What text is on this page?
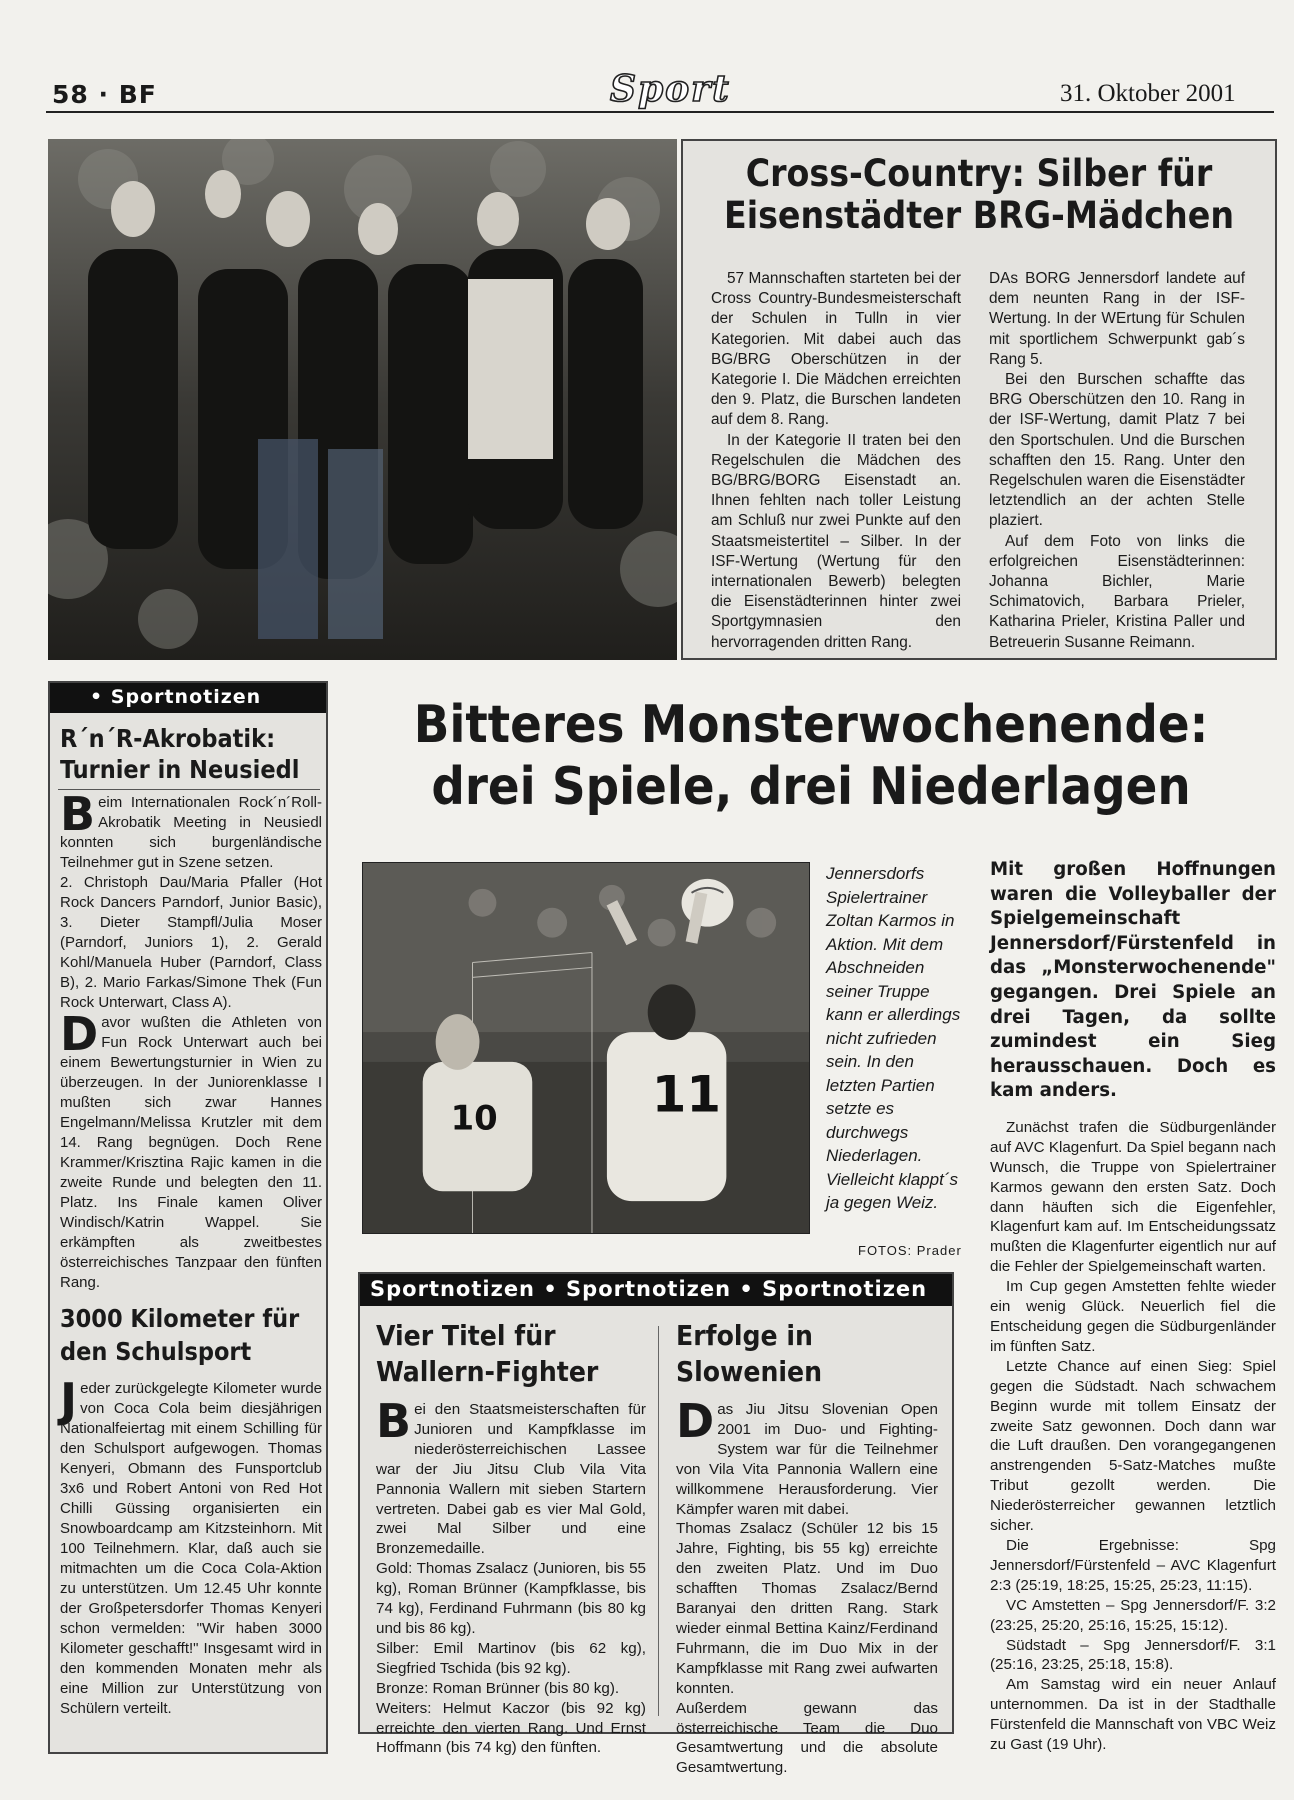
58 · BF	Sport	31. Oktober 2001
Cross-Country: Silber für
Eisenstädter BRG-Mädchen

57 Mannschaften starteten bei der Cross Country-Bundesmeisterschaft der Schulen in Tulln in vier Kategorien. Mit dabei auch das BG/BRG Oberschützen in der Kategorie I. Die Mädchen erreichten den 9. Platz, die Burschen landeten auf dem 8. Rang.

In der Kategorie II traten bei den Regelschulen die Mädchen des BG/BRG/BORG Eisenstadt an. Ihnen fehlten nach toller Leistung am Schluß nur zwei Punkte auf den Staatsmeistertitel – Silber. In der ISF-Wertung (Wertung für den internationalen Bewerb) belegten die Eisenstädterinnen hinter zwei Sportgymnasien den hervorragenden dritten Rang.

DAs BORG Jennersdorf landete auf dem neunten Rang in der ISF-Wertung. In der WErtung für Schulen mit sportlichem Schwerpunkt gab´s Rang 5.

Bei den Burschen schaffte das BRG Oberschützen den 10. Rang in der ISF-Wertung, damit Platz 7 bei den Sportschulen. Und die Burschen schafften den 15. Rang. Unter den Regelschulen waren die Eisenstädter letztendlich an der achten Stelle plaziert.

Auf dem Foto von links die erfolgreichen Eisenstädterinnen: Johanna Bichler, Marie Schimatovich, Barbara Prieler, Katharina Prieler, Kristina Paller und Betreuerin Susanne Reimann.

• Sportnotizen
R´n´R-Akrobatik:
Turnier in Neusiedl

Beim Internationalen Rock´n´Roll-Akrobatik Meeting in Neusiedl konnten sich burgenländische Teilnehmer gut in Szene setzen.

2. Christoph Dau/Maria Pfaller (Hot Rock Dancers Parndorf, Junior Basic), 3. Dieter Stampfl/Julia Moser (Parndorf, Juniors 1), 2. Gerald Kohl/Manuela Huber (Parndorf, Class B), 2. Mario Farkas/Simone Thek (Fun Rock Unterwart, Class A).

Davor wußten die Athleten von Fun Rock Unterwart auch bei einem Bewertungsturnier in Wien zu überzeugen. In der Juniorenklasse I mußten sich zwar Hannes Engelmann/Melissa Krutzler mit dem 14. Rang begnügen. Doch Rene Krammer/Krisztina Rajic kamen in die zweite Runde und belegten den 11. Platz. Ins Finale kamen Oliver Windisch/Katrin Wappel. Sie erkämpften als zweitbestes österreichisches Tanzpaar den fünften Rang.

3000 Kilometer für
den Schulsport

Jeder zurückgelegte Kilometer wurde von Coca Cola beim diesjährigen Nationalfeiertag mit einem Schilling für den Schulsport aufgewogen. Thomas Kenyeri, Obmann des Funsportclub 3x6 und Robert Antoni von Red Hot Chilli Güssing organisierten ein Snowboardcamp am Kitzsteinhorn. Mit 100 Teilnehmern. Klar, daß auch sie mitmachten um die Coca Cola-Aktion zu unterstützen. Um 12.45 Uhr konnte der Großpetersdorfer Thomas Kenyeri schon vermelden: "Wir haben 3000 Kilometer geschafft!" Insgesamt wird in den kommenden Monaten mehr als eine Million zur Unterstützung von Schülern verteilt.

Bitteres Monsterwochenende:
drei Spiele, drei Niederlagen
11
10
Jennersdorfs Spielertrainer Zoltan Karmos in Aktion. Mit dem Abschneiden seiner Truppe kann er allerdings nicht zufrieden sein. In den letzten Partien setzte es durchwegs Niederlagen. Vielleicht klappt´s ja gegen Weiz.
FOTOS: Prader

Mit großen Hoffnungen waren die Volleyballer der Spielgemeinschaft Jennersdorf/Fürstenfeld in das „Monsterwochenende" gegangen. Drei Spiele an drei Tagen, da sollte zumindest ein Sieg herausschauen. Doch es kam anders.

Zunächst trafen die Südburgenländer auf AVC Klagenfurt. Da Spiel begann nach Wunsch, die Truppe von Spielertrainer Karmos gewann den ersten Satz. Doch dann häuften sich die Eigenfehler, Klagenfurt kam auf. Im Entscheidungssatz mußten die Klagenfurter eigentlich nur auf die Fehler der Spielgemeinschaft warten.

Im Cup gegen Amstetten fehlte wieder ein wenig Glück. Neuerlich fiel die Entscheidung gegen die Südburgenländer im fünften Satz.

Letzte Chance auf einen Sieg: Spiel gegen die Südstadt. Nach schwachem Beginn wurde mit tollem Einsatz der zweite Satz gewonnen. Doch dann war die Luft draußen. Den vorangegangenen anstrengenden 5-Satz-Matches mußte Tribut gezollt werden. Die Niederösterreicher gewannen letztlich sicher.

Die Ergebnisse: Spg Jennersdorf/Fürstenfeld – AVC Klagenfurt 2:3 (25:19, 18:25, 15:25, 25:23, 11:15).

VC Amstetten – Spg Jennersdorf/F. 3:2 (23:25, 25:20, 25:16, 15:25, 15:12).

Südstadt – Spg Jennersdorf/F. 3:1 (25:16, 23:25, 25:18, 15:8).

Am Samstag wird ein neuer Anlauf unternommen. Da ist in der Stadthalle Fürstenfeld die Mannschaft von VBC Weiz zu Gast (19 Uhr).

Sportnotizen • Sportnotizen • Sportnotizen
Vier Titel für
Wallern-Fighter

Bei den Staatsmeisterschaften für Junioren und Kampfklasse im niederösterreichischen Lassee war der Jiu Jitsu Club Vila Vita Pannonia Wallern mit sieben Startern vertreten. Dabei gab es vier Mal Gold, zwei Mal Silber und eine Bronzemedaille.

Gold: Thomas Zsalacz (Junioren, bis 55 kg), Roman Brünner (Kampfklasse, bis 74 kg), Ferdinand Fuhrmann (bis 80 kg und bis 86 kg).

Silber: Emil Martinov (bis 62 kg), Siegfried Tschida (bis 92 kg).

Bronze: Roman Brünner (bis 80 kg).

Weiters: Helmut Kaczor (bis 92 kg) erreichte den vierten Rang. Und Ernst Hoffmann (bis 74 kg) den fünften.

Erfolge in
Slowenien

Das Jiu Jitsu Slovenian Open 2001 im Duo- und Fighting-System war für die Teilnehmer von Vila Vita Pannonia Wallern eine willkommene Herausforderung. Vier Kämpfer waren mit dabei.

Thomas Zsalacz (Schüler 12 bis 15 Jahre, Fighting, bis 55 kg) erreichte den zweiten Platz. Und im Duo schafften Thomas Zsalacz/Bernd Baranyai den dritten Rang. Stark wieder einmal Bettina Kainz/Ferdinand Fuhrmann, die im Duo Mix in der Kampfklasse mit Rang zwei aufwarten konnten.

Außerdem gewann das österreichische Team die Duo Gesamtwertung und die absolute Gesamtwertung.
